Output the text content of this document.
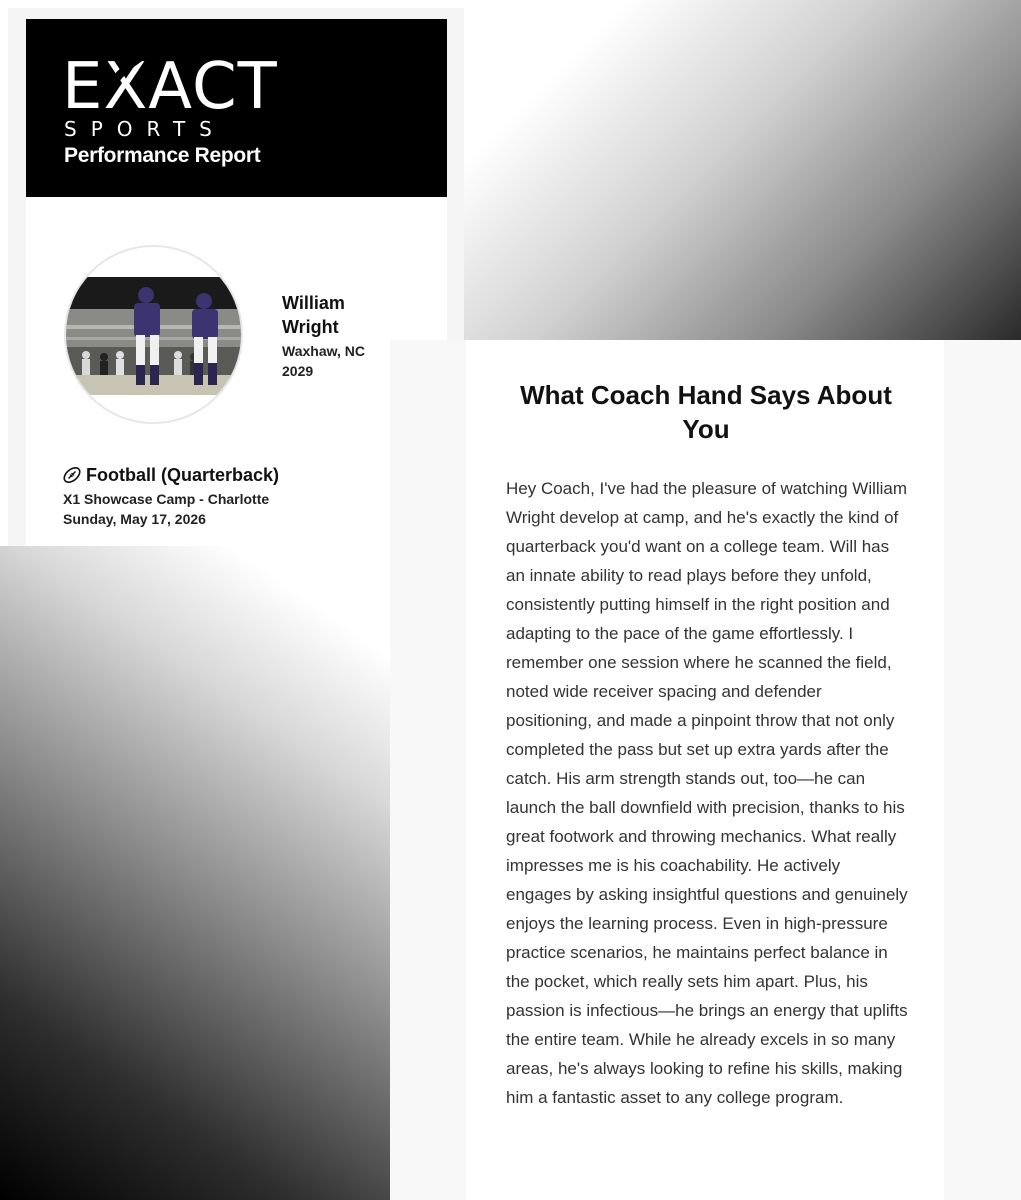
EXACT
SPORTS
Performance Report
William Wright
Waxhaw, NC
2029
Football (Quarterback)
X1 Showcase Camp - Charlotte
Sunday, May 17, 2026
What Coach Hand Says About You

Hey Coach, I've had the pleasure of watching William Wright develop at camp, and he's exactly the kind of quarterback you'd want on a college team. Will has an innate ability to read plays before they unfold, consistently putting himself in the right position and adapting to the pace of the game effortlessly. I remember one session where he scanned the field, noted wide receiver spacing and defender positioning, and made a pinpoint throw that not only completed the pass but set up extra yards after the catch. His arm strength stands out, too—he can launch the ball downfield with precision, thanks to his great footwork and throwing mechanics. What really impresses me is his coachability. He actively engages by asking insightful questions and genuinely enjoys the learning process. Even in high-pressure practice scenarios, he maintains perfect balance in the pocket, which really sets him apart. Plus, his passion is infectious—he brings an energy that uplifts the entire team. While he already excels in so many areas, he's always looking to refine his skills, making him a fantastic asset to any college program.
